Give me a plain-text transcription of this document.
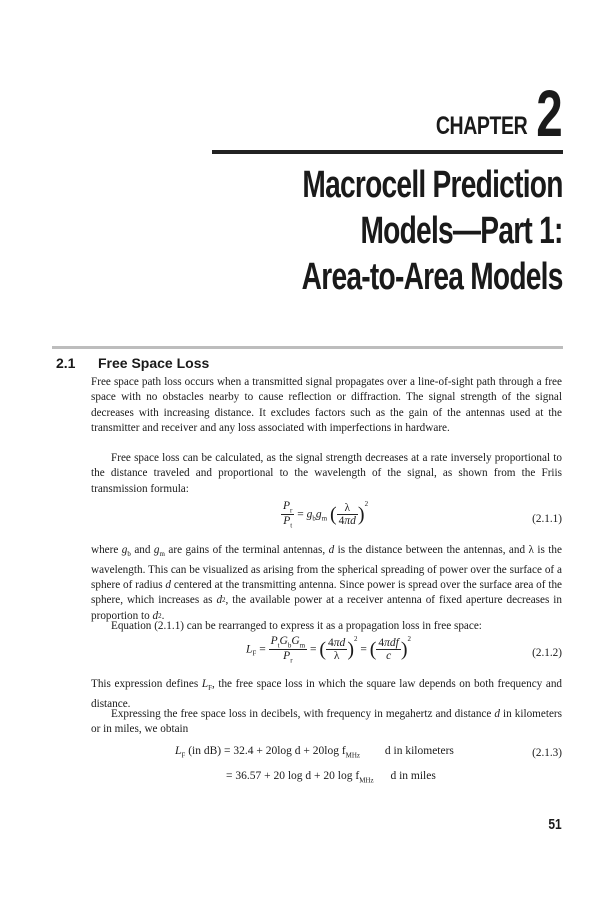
CHAPTER 2
Macrocell Prediction
Models—Part 1:
Area-to-Area Models
2.1 Free Space Loss
Free space path loss occurs when a transmitted signal propagates over a line-of-sight path through a free space with no obstacles nearby to cause reflection or diffraction. The signal strength of the signal decreases with increasing distance. It excludes factors such as the gain of the antennas used at the transmitter and receiver and any loss associated with imperfections in hardware.
Free space loss can be calculated, as the signal strength decreases at a rate inversely proportional to the distance traveled and proportional to the wavelength of the signal, as shown from the Friis transmission formula:
$\frac{P_r}{P_t} = g_bg_m$ ( $\frac{\lambda}{4\pi d} )^2$
(2.1.1)
where $g_b$ and $g_m$ are gains of the terminal antennas, d is the distance between the antennas, and λ is the wavelength. This can be visualized as arising from the spherical spreading of power over the surface of a sphere of radius d centered at the transmitting antenna. Since power is spread over the surface area of the sphere, which increases as $d^2$, the available power at a receiver antenna of fixed aperture decreases in proportion to $d^2$.
Equation (2.1.1) can be rearranged to express it as a propagation loss in free space:
$L_F = \frac{P_tG_bG_m}{P_r}$ = ( $\frac{4\pi d}{\lambda} )^2$ = ( $\frac{\text{4πdf}}{c} )^2$
(2.1.2)
This expression defines $L_F$, the free space loss in which the square law depends on both frequency and distance.
Expressing the free space loss in decibels, with frequency in megahertz and distance d in kilometers or in miles, we obtain
$L_F$ (in dB) = 32.4 + 20log d + 20log $f_{MHz}$ d in kilometers	(2.1.3)
= 36.57 + 20 log d + 20 $\log f_{MHz}$ d in miles
51
